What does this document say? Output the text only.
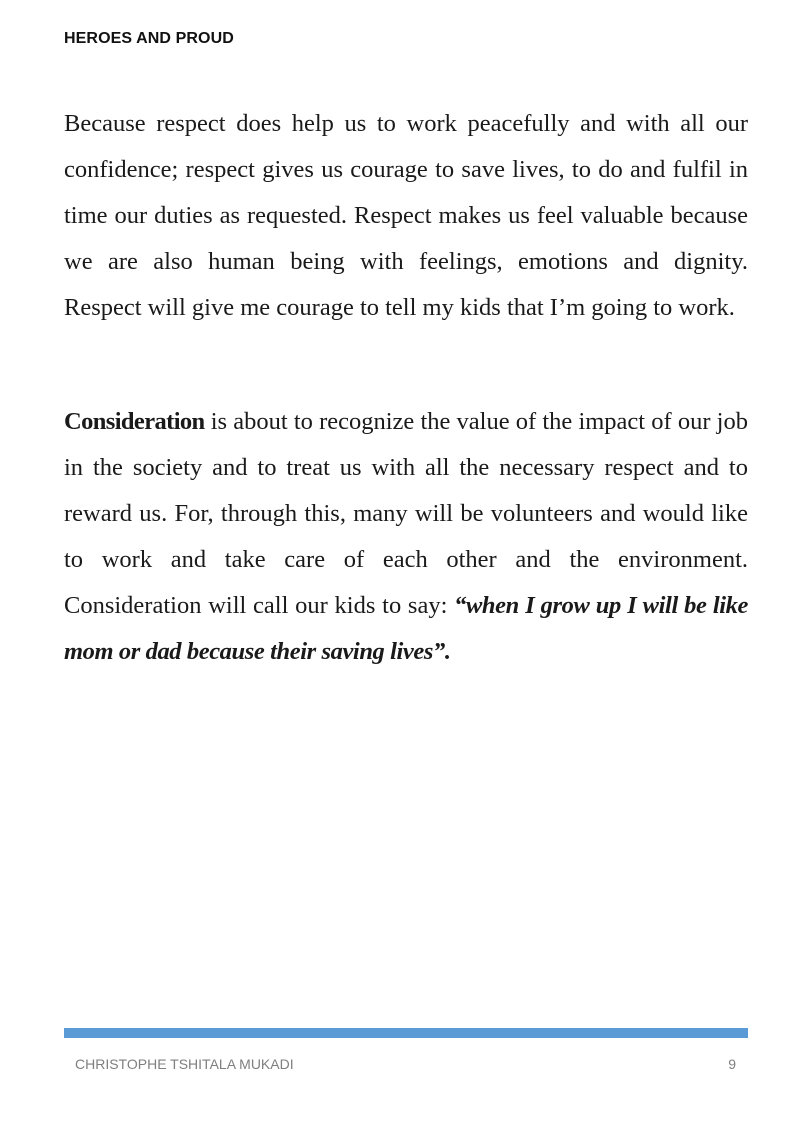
HEROES AND PROUD

Because respect does help us to work peacefully and with all our confidence; respect gives us courage to save lives, to do and fulfil in time our duties as requested. Respect makes us feel valuable because we are also human being with feelings, emotions and dignity. Respect will give me courage to tell my kids that I’m going to work.

Consideration is about to recognize the value of the impact of our job in the society and to treat us with all the necessary respect and to reward us. For, through this, many will be volunteers and would like to work and take care of each other and the environment. Consideration will call our kids to say: “when I grow up I will be like mom or dad because their saving lives”.

CHRISTOPHE TSHITALA MUKADI	9
